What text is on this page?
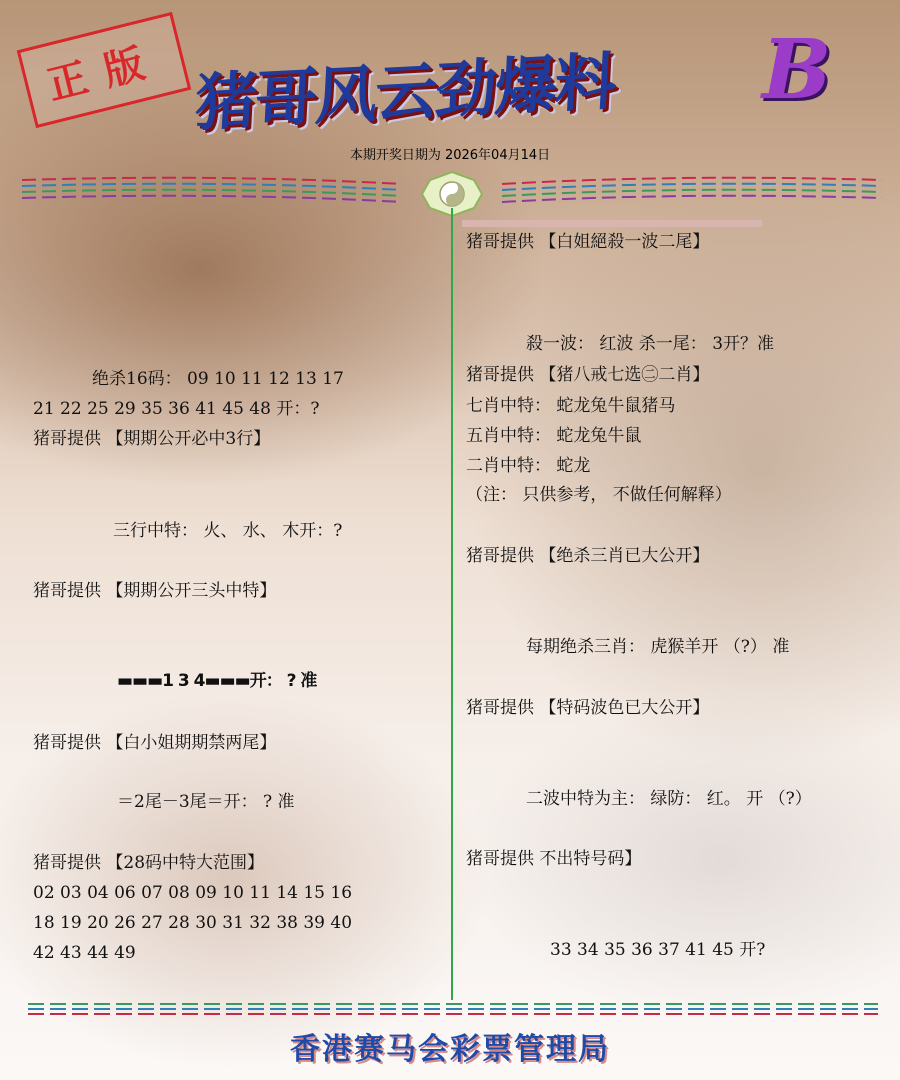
正版 猪哥风云劲爆料	B
本期开奖日期为 2026年04月14日
绝杀16码： 09 10 11 12 13 17
21 22 25 29 35 36 41 45 48 开：?
猪哥提供 【期期公开必中3行】
三行中特： 火、 水、 木开：?
猪哥提供 【期期公开三头中特】
▬▬▬1 3 4▬▬▬开： ? 准
猪哥提供 【白小姐期期禁两尾】
＝2尾－3尾＝开： ? 准
猪哥提供 【28码中特大范围】
02 03 04 06 07 08 09 10 11 14 15 16
18 19 20 26 27 28 30 31 32 38 39 40
42 43 44 49
猪哥提供 【白姐絕殺一波二尾】
殺一波： 红波 杀一尾： 3开？准
猪哥提供 【猪八戒七选㊁二肖】
七肖中特： 蛇龙兔牛鼠猪马
五肖中特： 蛇龙兔牛鼠
二肖中特： 蛇龙
（注： 只供参考， 不做任何解释）
猪哥提供 【绝杀三肖已大公开】
每期绝杀三肖： 虎猴羊开 （?） 准
猪哥提供 【特码波色已大公开】
二波中特为主： 绿防： 红。 开 （?）
猪哥提供 不出特号码】
33 34 35 36 37 41 45 开?
香港赛马会彩票管理局
